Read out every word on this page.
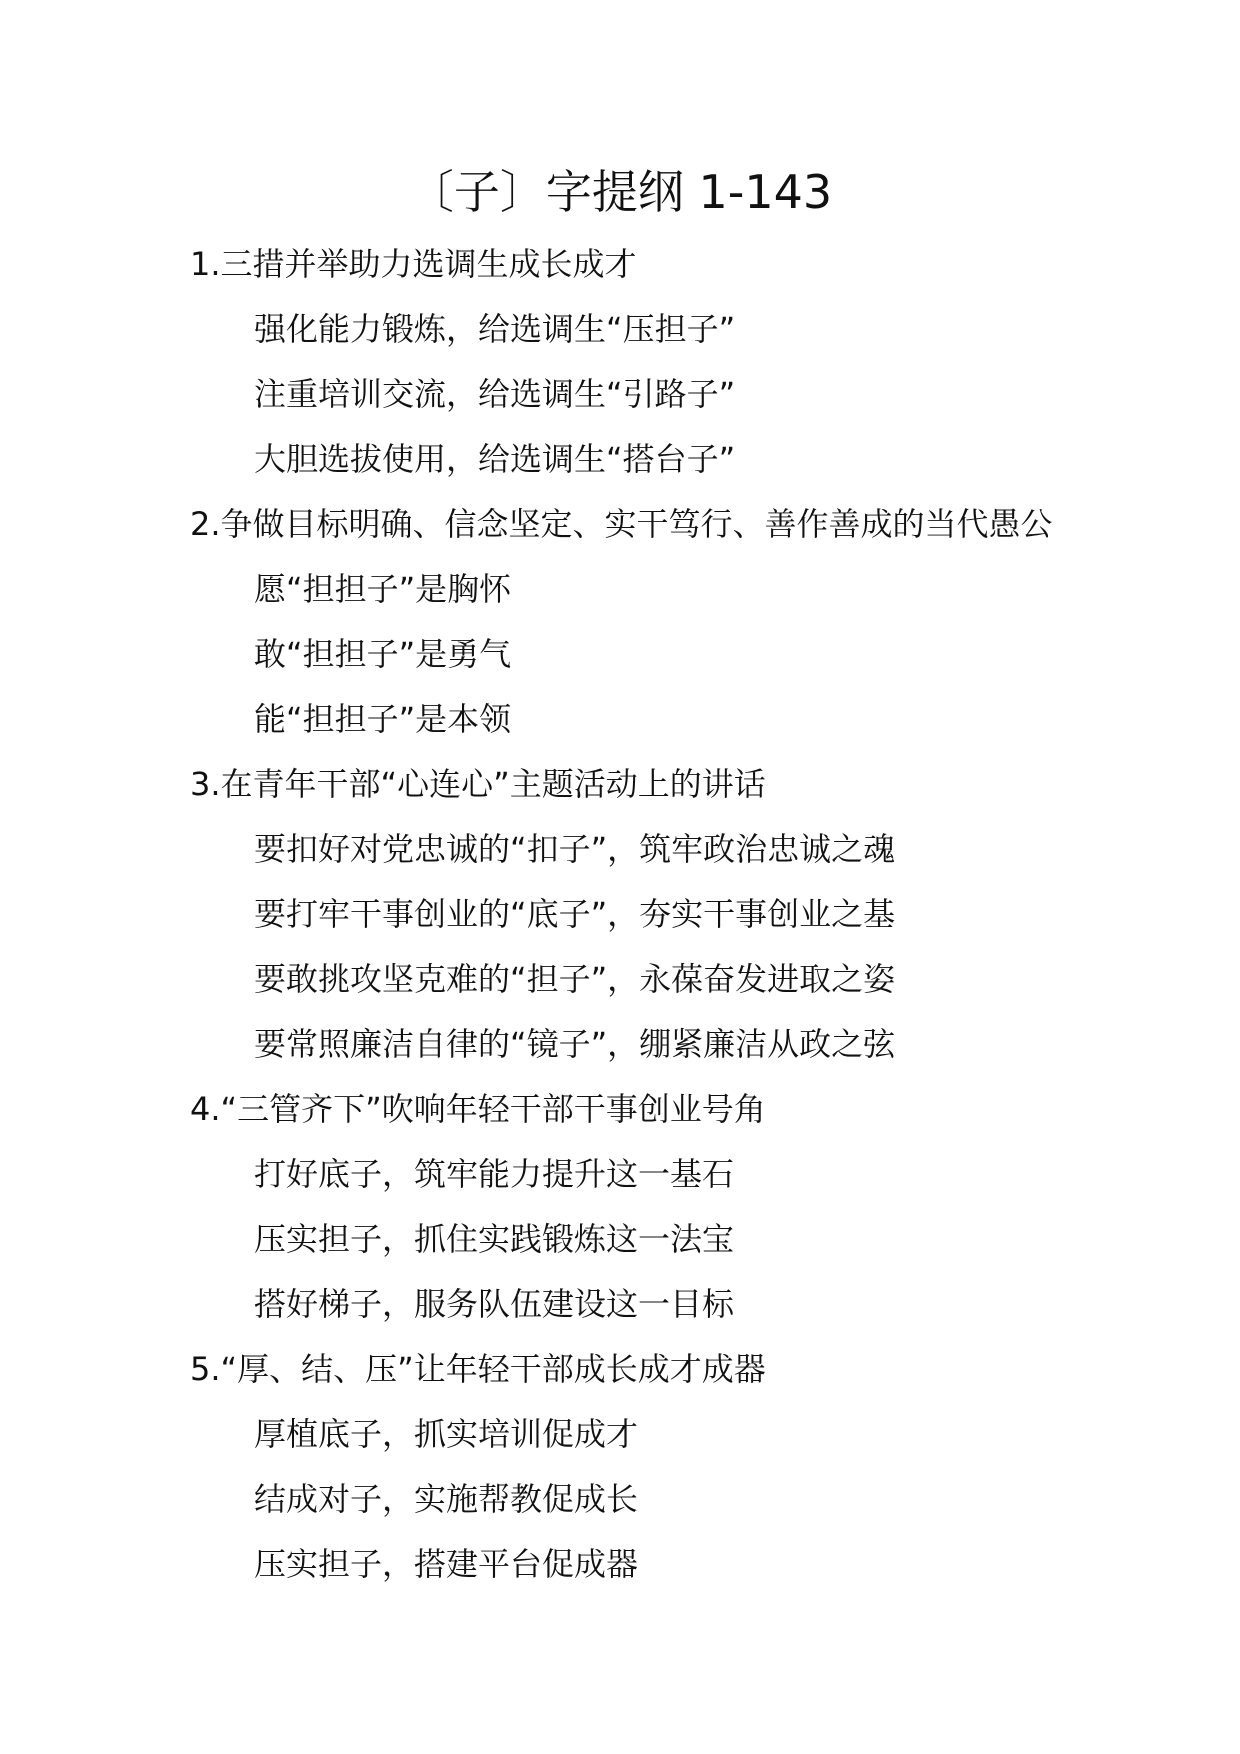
〔子〕字提纲 1-143
1.三措并举助力选调生成长成才
强化能力锻炼，给选调生“压担子”
注重培训交流，给选调生“引路子”
大胆选拔使用，给选调生“搭台子”
2.争做目标明确、信念坚定、实干笃行、善作善成的当代愚公
愿“担担子”是胸怀
敢“担担子”是勇气
能“担担子”是本领
3.在青年干部“心连心”主题活动上的讲话
要扣好对党忠诚的“扣子”，筑牢政治忠诚之魂
要打牢干事创业的“底子”，夯实干事创业之基
要敢挑攻坚克难的“担子”，永葆奋发进取之姿
要常照廉洁自律的“镜子”，绷紧廉洁从政之弦
4.“三管齐下”吹响年轻干部干事创业号角
打好底子，筑牢能力提升这一基石
压实担子，抓住实践锻炼这一法宝
搭好梯子，服务队伍建设这一目标
5.“厚、结、压”让年轻干部成长成才成器
厚植底子，抓实培训促成才
结成对子，实施帮教促成长
压实担子，搭建平台促成器
